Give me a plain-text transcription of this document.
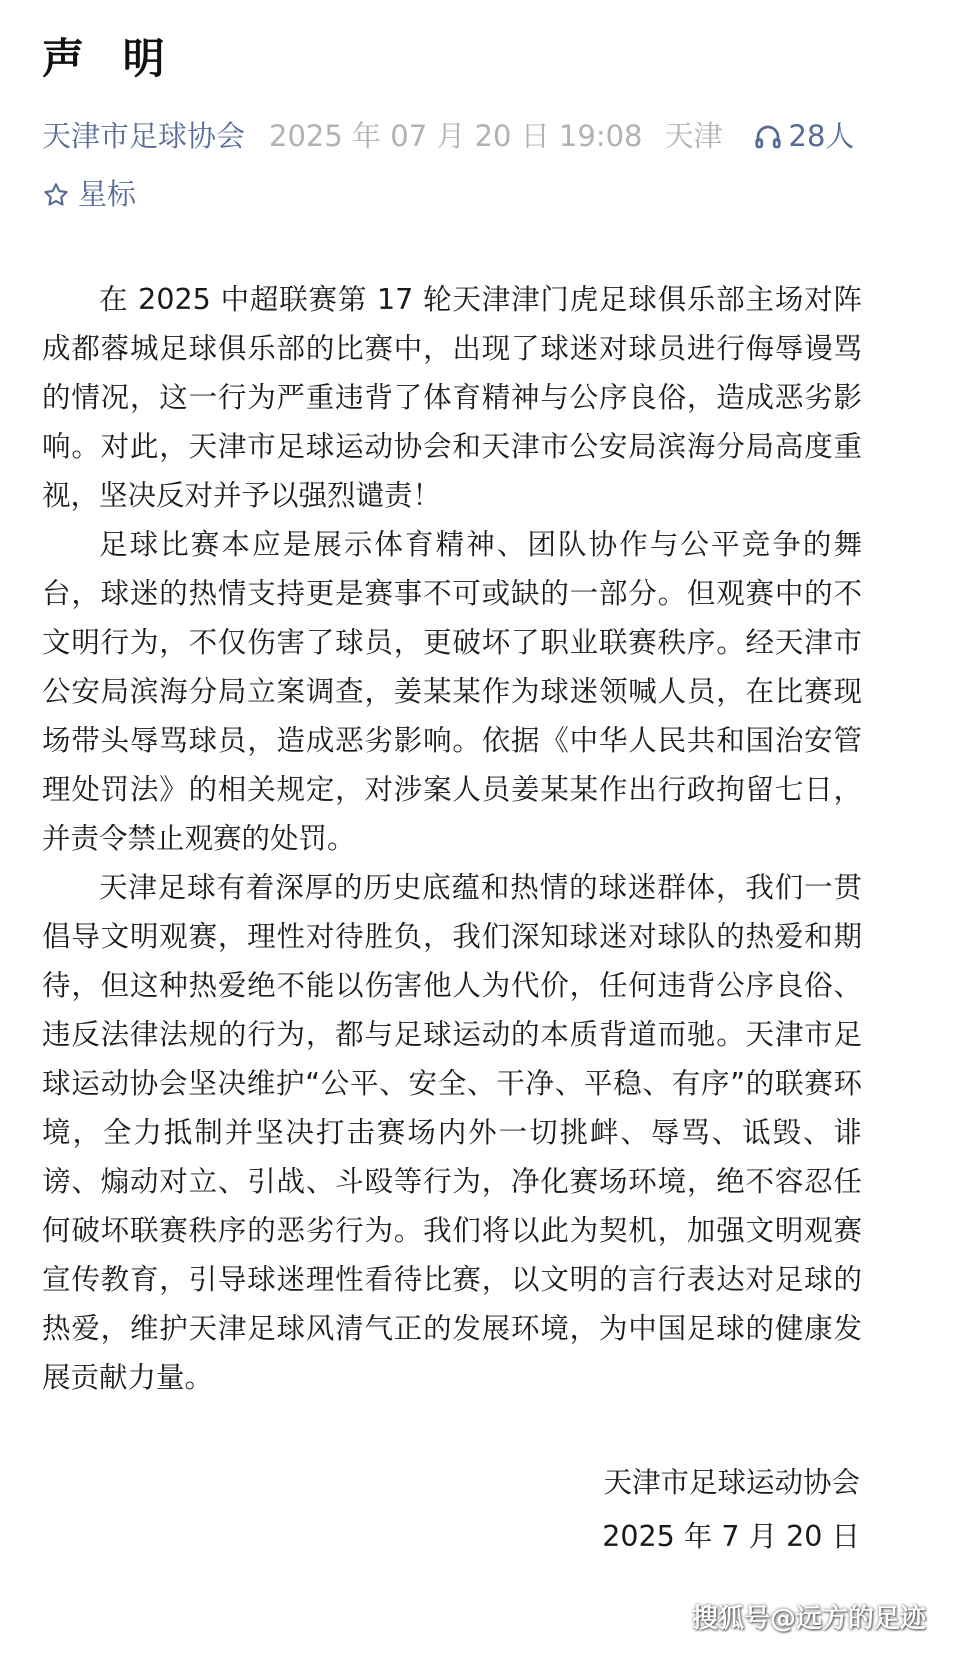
声 明
天津市足球协会 2025 年 07 月 20 日 19:08 天津 28人
星标

在 2025 中超联赛第 17 轮天津津门虎足球俱乐部主场对阵成都蓉城足球俱乐部的比赛中，出现了球迷对球员进行侮辱谩骂的情况，这一行为严重违背了体育精神与公序良俗，造成恶劣影响。对此，天津市足球运动协会和天津市公安局滨海分局高度重视，坚决反对并予以强烈谴责！

足球比赛本应是展示体育精神、团队协作与公平竞争的舞台，球迷的热情支持更是赛事不可或缺的一部分。但观赛中的不文明行为，不仅伤害了球员，更破坏了职业联赛秩序。经天津市公安局滨海分局立案调查，姜某某作为球迷领喊人员，在比赛现场带头辱骂球员，造成恶劣影响。依据《中华人民共和国治安管理处罚法》的相关规定，对涉案人员姜某某作出行政拘留七日，并责令禁止观赛的处罚。

天津足球有着深厚的历史底蕴和热情的球迷群体，我们一贯倡导文明观赛，理性对待胜负，我们深知球迷对球队的热爱和期待，但这种热爱绝不能以伤害他人为代价，任何违背公序良俗、违反法律法规的行为，都与足球运动的本质背道而驰。天津市足球运动协会坚决维护“公平、安全、干净、平稳、有序”的联赛环境，全力抵制并坚决打击赛场内外一切挑衅、辱骂、诋毁、诽谤、煽动对立、引战、斗殴等行为，净化赛场环境，绝不容忍任何破坏联赛秩序的恶劣行为。我们将以此为契机，加强文明观赛宣传教育，引导球迷理性看待比赛，以文明的言行表达对足球的热爱，维护天津足球风清气正的发展环境，为中国足球的健康发展贡献力量。

天津市足球运动协会
2025 年 7 月 20 日
搜狐号@远方的足迹
